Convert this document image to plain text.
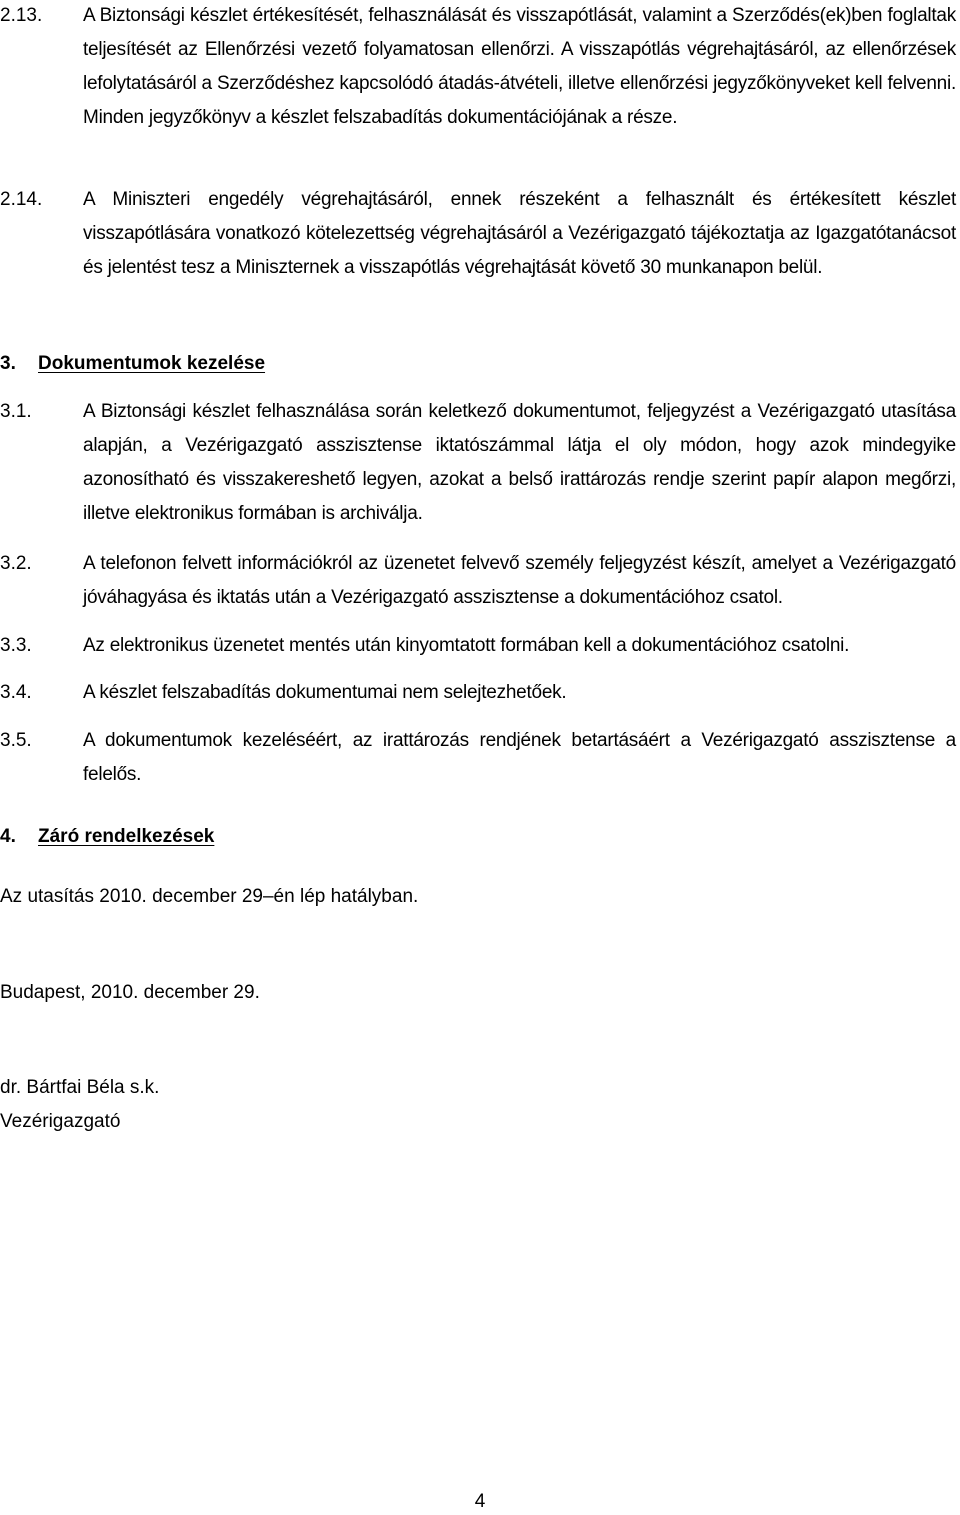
2.13. A Biztonsági készlet értékesítését, felhasználását és visszapótlását, valamint a Szerződés(ek)ben foglaltak teljesítését az Ellenőrzési vezető folyamatosan ellenőrzi. A visszapótlás végrehajtásáról, az ellenőrzések lefolytatásáról a Szerződéshez kapcsolódó átadás-átvételi, illetve ellenőrzési jegyzőkönyveket kell felvenni. Minden jegyzőkönyv a készlet felszabadítás dokumentációjának a része.
2.14. A Miniszteri engedély végrehajtásáról, ennek részeként a felhasznált és értékesített készlet visszapótlására vonatkozó kötelezettség végrehajtásáról a Vezérigazgató tájékoztatja az Igazgatótanácsot és jelentést tesz a Miniszternek a visszapótlás végrehajtását követő 30 munkanapon belül.
3. Dokumentumok kezelése
3.1.	A Biztonsági készlet felhasználása során keletkező dokumentumot, feljegyzést a Vezérigazgató utasítása alapján, a Vezérigazgató asszisztense iktatószámmal látja el oly módon, hogy azok mindegyike azonosítható és visszakereshető legyen, azokat a belső irattározás rendje szerint papír alapon megőrzi, illetve elektronikus formában is archiválja.
3.2.	A telefonon felvett információkról az üzenetet felvevő személy feljegyzést készít, amelyet a Vezérigazgató jóváhagyása és iktatás után a Vezérigazgató asszisztense a dokumentációhoz csatol.
3.3.	Az elektronikus üzenetet mentés után kinyomtatott formában kell a dokumentációhoz csatolni.
3.4.	A készlet felszabadítás dokumentumai nem selejtezhetőek.
3.5.	A dokumentumok kezeléséért, az irattározás rendjének betartásáért a Vezérigazgató asszisztense a felelős.
4. Záró rendelkezések
Az utasítás 2010. december 29–én lép hatályban.
Budapest, 2010. december 29.
dr. Bártfai Béla s.k.
Vezérigazgató
4
